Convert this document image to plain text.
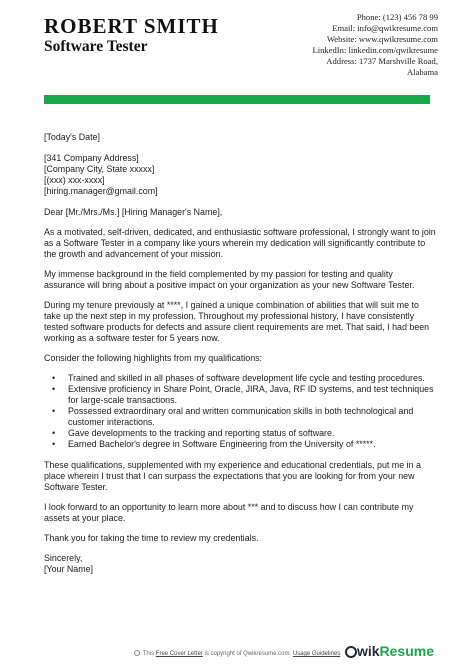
ROBERT SMITH
Software Tester
Phone: (123) 456 78 99
Email: info@qwikresume.com
Website: www.qwikresume.com
LinkedIn: linkedin.com/qwikresume
Address: 1737 Marshville Road,
Alabama

[Today's Date]

[341 Company Address]

[Company City, State xxxxx]

[(xxx) xxx-xxxx]

[hiring.manager@gmail.com]

Dear [Mr./Mrs./Ms.] [Hiring Manager's Name],

As a motivated, self-driven, dedicated, and enthusiastic software professional, I strongly want to join as a Software Tester in a company like yours wherein my dedication will significantly contribute to the growth and advancement of your mission.

My immense background in the field complemented by my passion for testing and quality assurance will bring about a positive impact on your organization as your new Software Tester.

During my tenure previously at ****, I gained a unique combination of abilities that will suit me to take up the next step in my profession. Throughout my professional history, I have consistently tested software products for defects and assure client requirements are met. That said, I had been working as a software tester for 5 years now.

Consider the following highlights from my qualifications:

• Trained and skilled in all phases of software development life cycle and testing procedures.
• Extensive proficiency in Share Point, Oracle, JIRA, Java, RF ID systems, and test techniques for large-scale transactions.
• Possessed extraordinary oral and written communication skills in both technological and customer interactions.
• Gave developments to the tracking and reporting status of software.
• Earned Bachelor's degree in Software Engineering from the University of *****.

These qualifications, supplemented with my experience and educational credentials, put me in a place wherein I trust that I can surpass the expectations that you are looking for from your new Software Tester.

I look forward to an opportunity to learn more about *** and to discuss how I can contribute my assets at your place.

Thank you for taking the time to review my credentials.

Sincerely,

[Your Name]

This Free Cover Letter is copyright of Qwikresume.com. Usage Guidelines	wikResume
